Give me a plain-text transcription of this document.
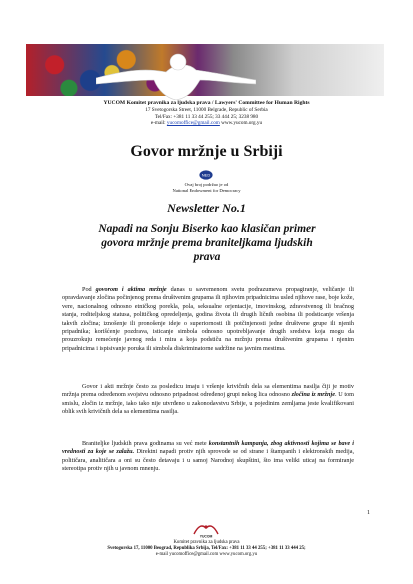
YUCOM Komitet pravnika za ljudska prava / Lawyers' Committee for Human Rights

17 Svetogorska Street, 11000 Belgrade, Republic of Serbia

Tel/Fax: +381 11 33 44 255; 33 444 25; 3238 980

e-mail: yucomoffice@gmail.com www.yucom.org.yu

Govor mržnje u Srbiji
NED
Ovaj broj podržao je od
National Endowment for Democracy
Newsletter No.1
Napadi na Sonju Biserko kao klasičan primer govora mržnje prema braniteljkama ljudskih prava

Pod govorom i aktima mržnje danas u savremenom svetu podrazumeva propagiranje, veličanje ili opravdavanje zločina počinjenog prema društvenim grupama ili njihovim pripadnicima usled njihove rase, boje kože, vere, nacionalnog odnosno etničkog porekla, pola, seksualne orjentacije, imovinskog, zdravstvenog ili bračnog stanja, roditeljskog statusa, političkog opredeljenja, godina života ili drugih ličnih osobina ili podsticanje vršenja takvih zločina; iznošenje ili pronošenje ideje o superiornosti ili potčinjenosti jedne društvene grupe ili njenih pripadnika; korišćenje pozdrava, isticanje simbola odnosno upotrebljavanje drugih sredstva koja mogu da prouzrokuju remećenje javnog reda i mira a koja podstiču na mržnju prema društvenim grupama i njenim pripadnicima i ispisivanje poruka ili simbola diskriminatorne sadržine na javnim mestima.

Govor i akti mržnje često za posledicu imaju i vršenje krivičnih dela sa elementima nasilja čiji je motiv mržnja prema određenom svojstvu odnosno pripadnost određenoj grupi nekog lica odnosno zločina iz mržnje. U tom smislu, zločin iz mržnje, iako tako nije utvrđeno u zakonodavstvu Srbije, u pojedinim zemljama jeste kvalifikovani oblik svih krivičnih dela sa elementima nasilja.

Braniteljke ljudskih prava godinama su već mete konstantnih kampanja, zbog aktivnosti kojima se bave i vrednosti za koje se zalažu. Direktni napadi protiv njih sprovode se od strane i štampanih i elektronskih medija, političara, analitičara a oni su često detavaju i u samoj Narodnoj skupštini, što ima veliki uticaj na formiranje stereotipa protiv njih u javnom mnenju.

1
YUCOM

Komitet pravnika za ljudska prava

Svetogorska 17, 11000 Beograd, Republika Srbija, Tel/Fax: +381 11 33 44 255; +381 11 33 444 25;

e-mail yucomoffice@gmail.com www.yucom.org.yu
